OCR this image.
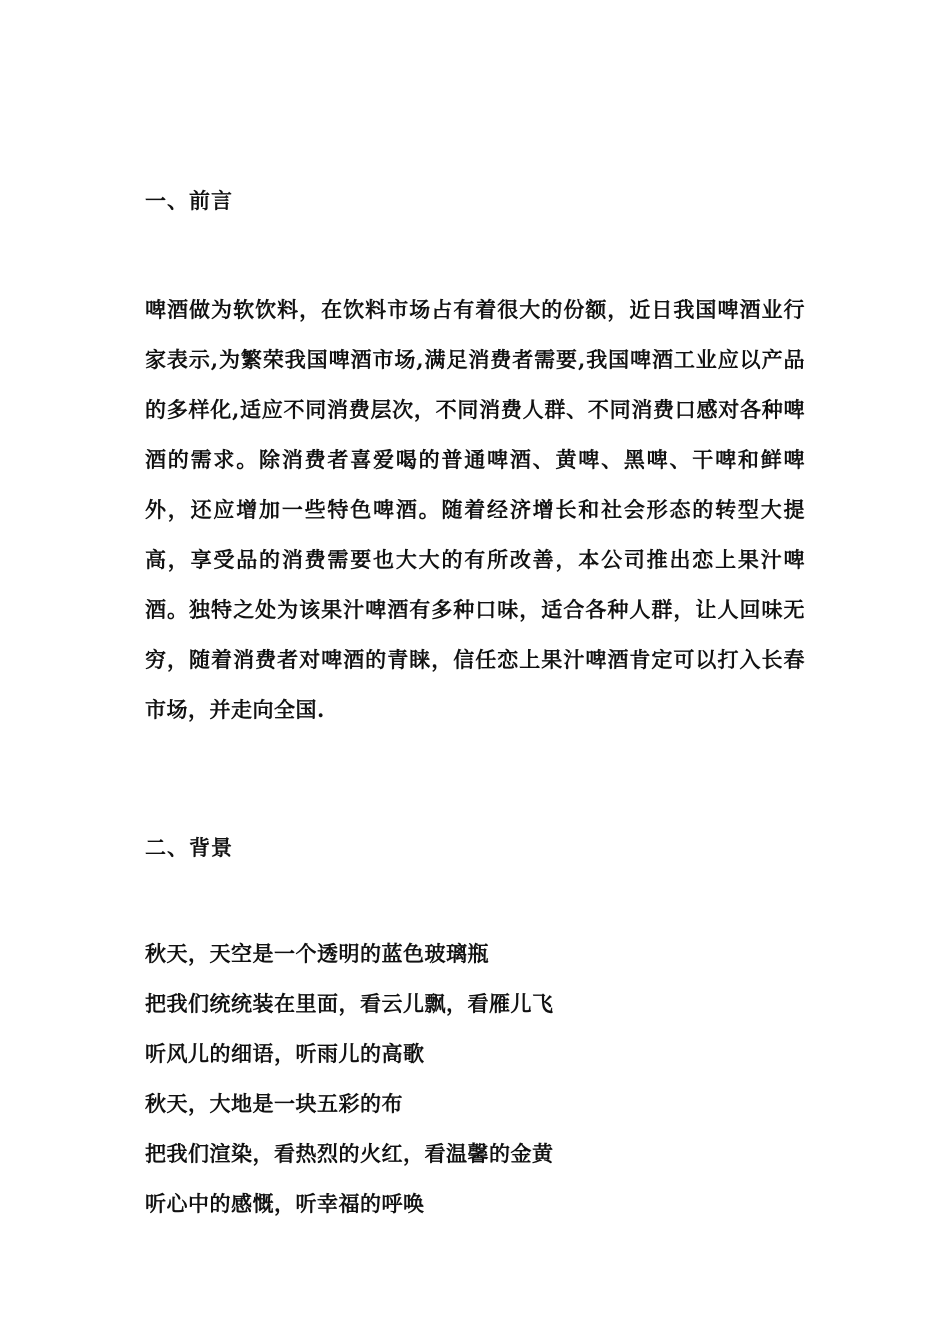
一、前言

啤酒做为软饮料，在饮料市场占有着很大的份额，近日我国啤酒业行家表示,为繁荣我国啤酒市场,满足消费者需要,我国啤酒工业应以产品的多样化,适应不同消费层次，不同消费人群、不同消费口感对各种啤酒的需求。除消费者喜爱喝的普通啤酒、黄啤、黑啤、干啤和鲜啤外，还应增加一些特色啤酒。随着经济增长和社会形态的转型大提高，享受品的消费需要也大大的有所改善，本公司推出恋上果汁啤酒。独特之处为该果汁啤酒有多种口味，适合各种人群，让人回味无穷，随着消费者对啤酒的青睐，信任恋上果汁啤酒肯定可以打入长春市场，并走向全国.

二、背景
秋天，天空是一个透明的蓝色玻璃瓶
把我们统统装在里面，看云儿飘，看雁儿飞
听风儿的细语，听雨儿的高歌
秋天，大地是一块五彩的布
把我们渲染，看热烈的火红，看温馨的金黄
听心中的感慨，听幸福的呼唤
